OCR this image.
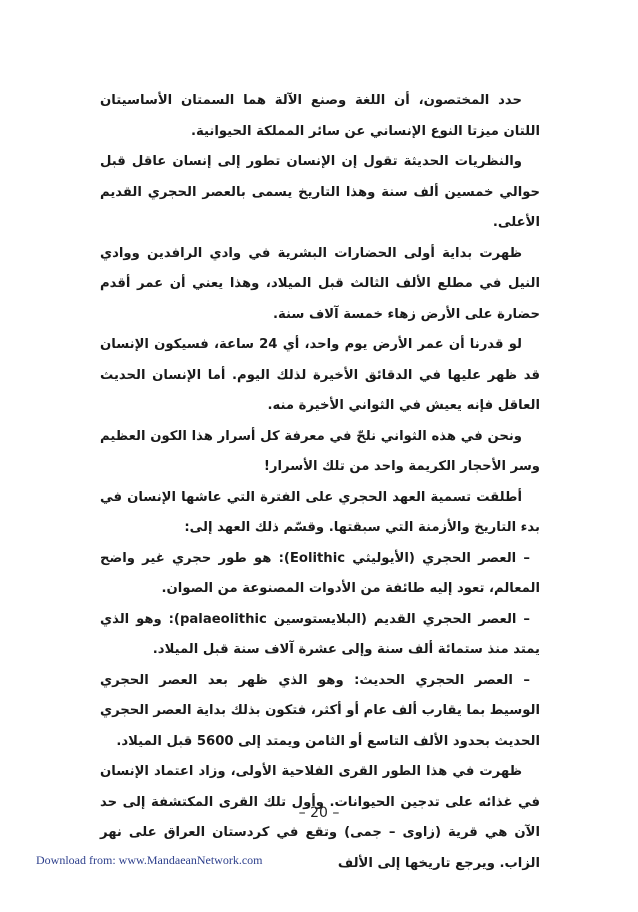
حدد المختصون، أن اللغة وصنع الآلة هما السمتان الأساسيتان اللتان ميزتا النوع الإنساني عن سائر المملكة الحيوانية.

والنظريات الحديثة تقول إن الإنسان تطور إلى إنسان عاقل قبل حوالي خمسين ألف سنة وهذا التاريخ يسمى بالعصر الحجري القديم الأعلى.

ظهرت بداية أولى الحضارات البشرية في وادي الرافدين ووادي النيل في مطلع الألف الثالث قبل الميلاد، وهذا يعني أن عمر أقدم حضارة على الأرض زهاء خمسة آلاف سنة.

لو قدرنا أن عمر الأرض يوم واحد، أي 24 ساعة، فسيكون الإنسان قد ظهر عليها في الدقائق الأخيرة لذلك اليوم. أما الإنسان الحديث العاقل فإنه يعيش في الثواني الأخيرة منه.

ونحن في هذه الثواني نلحّ في معرفة كل أسرار هذا الكون العظيم وسر الأحجار الكريمة واحد من تلك الأسرار!

أطلقت تسمية العهد الحجري على الفترة التي عاشها الإنسان في بدء التاريخ والأزمنة التي سبقتها. وقسّم ذلك العهد إلى:

– العصر الحجري (الأيوليثي Eolithic): هو طور حجري غير واضح المعالم، تعود إليه طائفة من الأدوات المصنوعة من الصوان.

– العصر الحجري القديم (البلايستوسين palaeolithic): وهو الذي يمتد منذ ستمائة ألف سنة وإلى عشرة آلاف سنة قبل الميلاد.

– العصر الحجري الحديث: وهو الذي ظهر بعد العصر الحجري الوسيط بما يقارب ألف عام أو أكثر، فتكون بذلك بداية العصر الحجري الحديث بحدود الألف التاسع أو الثامن ويمتد إلى 5600 قبل الميلاد.

ظهرت في هذا الطور القرى الفلاحية الأولى، وزاد اعتماد الإنسان في غذائه على تدجين الحيوانات. وأول تلك القرى المكتشفة إلى حد الآن هي قرية (زاوى – جمى) وتقع في كردستان العراق على نهر الزاب. ويرجع تاريخها إلى الألف

– 20 –
Download from: www.MandaeanNetwork.com
